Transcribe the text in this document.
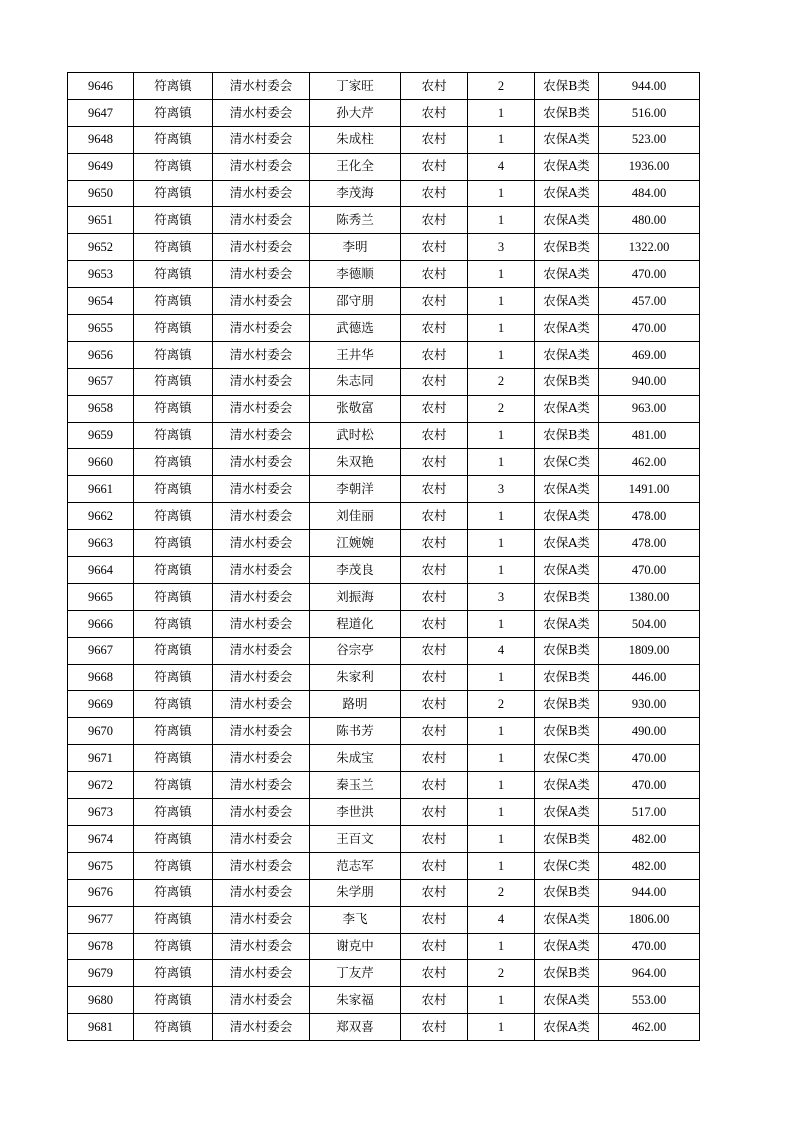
9646	符离镇	清水村委会	丁家旺	农村	2	农保B类	944.00
9647	符离镇	清水村委会	孙大芹	农村	1	农保B类	516.00
9648	符离镇	清水村委会	朱成柱	农村	1	农保A类	523.00
9649	符离镇	清水村委会	王化全	农村	4	农保A类	1936.00
9650	符离镇	清水村委会	李茂海	农村	1	农保A类	484.00
9651	符离镇	清水村委会	陈秀兰	农村	1	农保A类	480.00
9652	符离镇	清水村委会	李明	农村	3	农保B类	1322.00
9653	符离镇	清水村委会	李德顺	农村	1	农保A类	470.00
9654	符离镇	清水村委会	邵守朋	农村	1	农保A类	457.00
9655	符离镇	清水村委会	武德选	农村	1	农保A类	470.00
9656	符离镇	清水村委会	王井华	农村	1	农保A类	469.00
9657	符离镇	清水村委会	朱志同	农村	2	农保B类	940.00
9658	符离镇	清水村委会	张敬富	农村	2	农保A类	963.00
9659	符离镇	清水村委会	武时松	农村	1	农保B类	481.00
9660	符离镇	清水村委会	朱双艳	农村	1	农保C类	462.00
9661	符离镇	清水村委会	李朝洋	农村	3	农保A类	1491.00
9662	符离镇	清水村委会	刘佳丽	农村	1	农保A类	478.00
9663	符离镇	清水村委会	江婉婉	农村	1	农保A类	478.00
9664	符离镇	清水村委会	李茂良	农村	1	农保A类	470.00
9665	符离镇	清水村委会	刘振海	农村	3	农保B类	1380.00
9666	符离镇	清水村委会	程道化	农村	1	农保A类	504.00
9667	符离镇	清水村委会	谷宗亭	农村	4	农保B类	1809.00
9668	符离镇	清水村委会	朱家利	农村	1	农保B类	446.00
9669	符离镇	清水村委会	路明	农村	2	农保B类	930.00
9670	符离镇	清水村委会	陈书芳	农村	1	农保B类	490.00
9671	符离镇	清水村委会	朱成宝	农村	1	农保C类	470.00
9672	符离镇	清水村委会	秦玉兰	农村	1	农保A类	470.00
9673	符离镇	清水村委会	李世洪	农村	1	农保A类	517.00
9674	符离镇	清水村委会	王百文	农村	1	农保B类	482.00
9675	符离镇	清水村委会	范志军	农村	1	农保C类	482.00
9676	符离镇	清水村委会	朱学朋	农村	2	农保B类	944.00
9677	符离镇	清水村委会	李飞	农村	4	农保A类	1806.00
9678	符离镇	清水村委会	谢克中	农村	1	农保A类	470.00
9679	符离镇	清水村委会	丁友芹	农村	2	农保B类	964.00
9680	符离镇	清水村委会	朱家福	农村	1	农保A类	553.00
9681	符离镇	清水村委会	郑双喜	农村	1	农保A类	462.00
